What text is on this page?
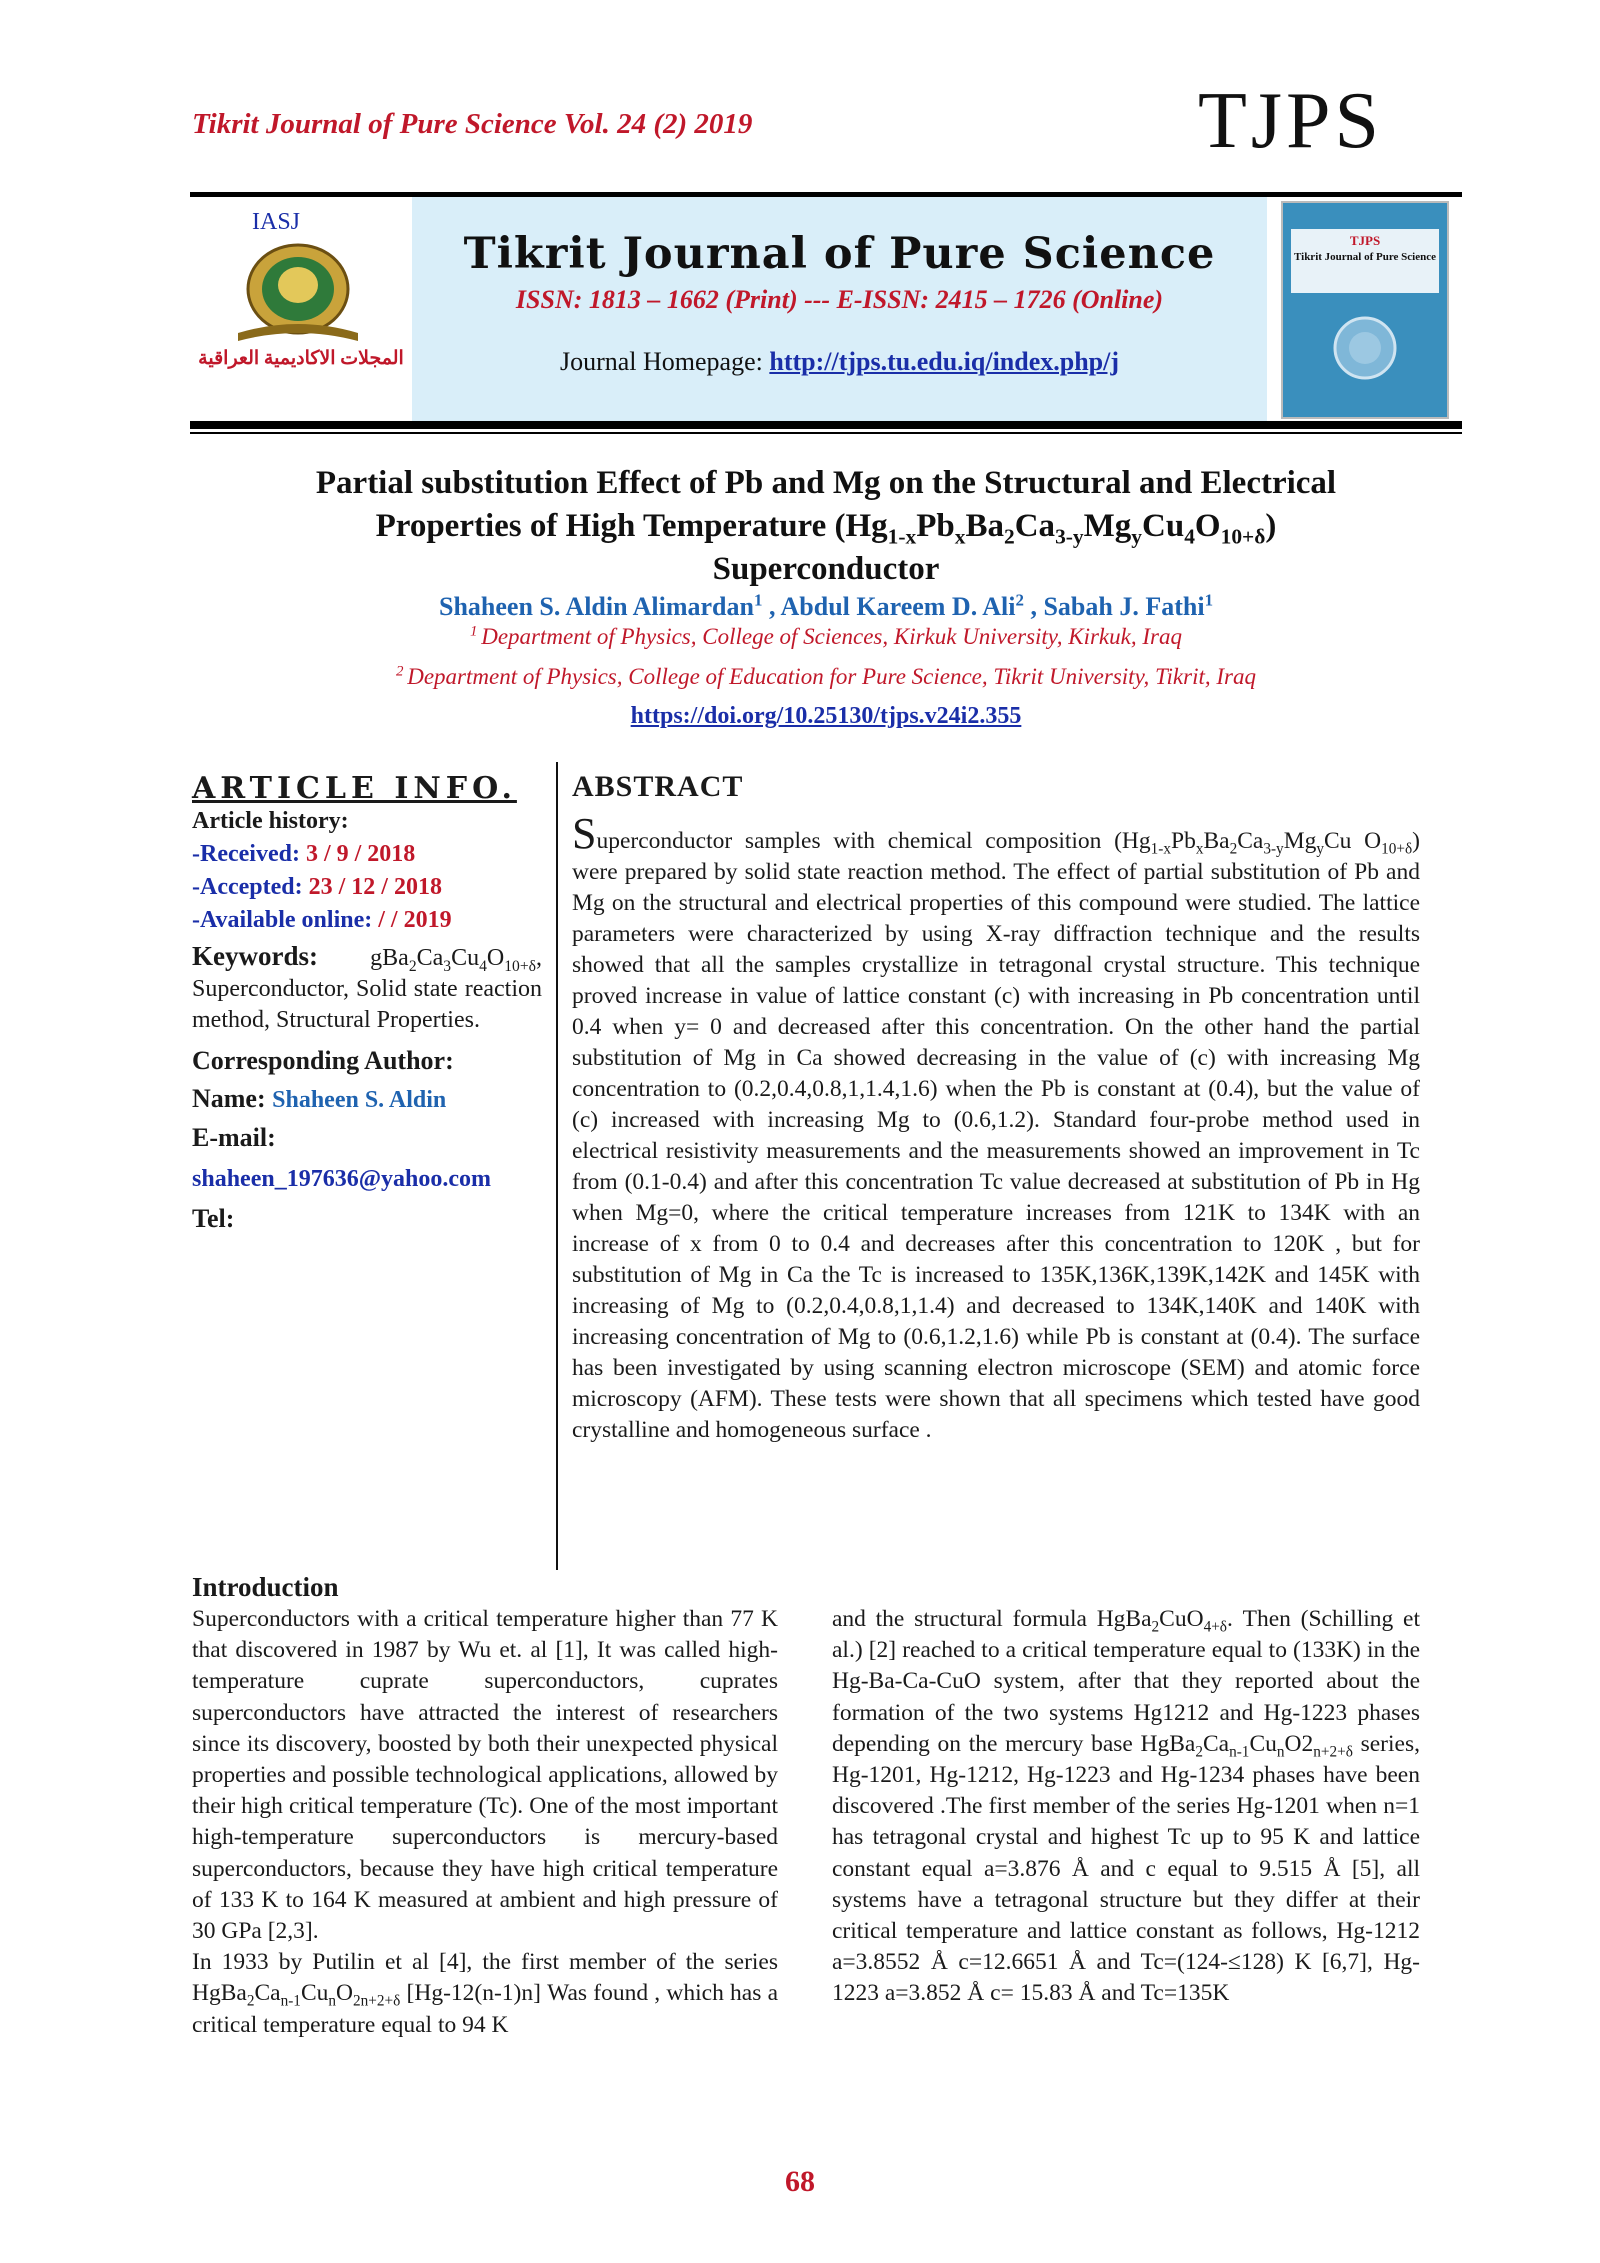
Tikrit Journal of Pure Science Vol. 24 (2) 2019	TJPS
IASJ
المجلات الاكاديمية العراقية
Tikrit Journal of Pure Science
ISSN: 1813 – 1662 (Print) --- E-ISSN: 2415 – 1726 (Online)
Journal Homepage: http://tjps.tu.edu.iq/index.php/j
TJPS
Tikrit Journal of Pure Science
Partial substitution Effect of Pb and Mg on the Structural and Electrical
Properties of High Temperature $(Hg_{1-x}Pb_xBa_2Ca_{3-y}Mg_yCu_4O_{10+\delta})$
Superconductor
Shaheen S. Aldin Alimardan$^1$ , Abdul Kareem D. Ali$^2$ , Sabah J. Fathi$^1$
$^1$ Department of Physics, College of Sciences, Kirkuk University, Kirkuk, Iraq
$^2$ Department of Physics, College of Education for Pure Science, Tikrit University, Tikrit, Iraq
https://doi.org/10.25130/tjps.v24i2.355
ARTICLE INFO.
Article history:
-Received: 3 / 9 / 2018
-Accepted: 23 / 12 / 2018
-Available online: / / 2019
Keywords: $gBa_2Ca_3Cu_4O_{10+\delta}$, Superconductor, Solid state reaction method, Structural Properties.
Corresponding Author:
Name: Shaheen S. Aldin
E-mail:
shaheen_197636@yahoo.com
Tel:
ABSTRACT
Superconductor samples with chemical composition ($Hg_{1-x}Pb_xBa_2Ca_{3-y}Mg_yCu$ $O_{10+\delta}$) were prepared by solid state reaction method. The effect of partial substitution of Pb and Mg on the structural and electrical properties of this compound were studied. The lattice parameters were characterized by using X-ray diffraction technique and the results showed that all the samples crystallize in tetragonal crystal structure. This technique proved increase in value of lattice constant (c) with increasing in Pb concentration until 0.4 when y= 0 and decreased after this concentration. On the other hand the partial substitution of Mg in Ca showed decreasing in the value of (c) with increasing Mg concentration to (0.2,0.4,0.8,1,1.4,1.6) when the Pb is constant at (0.4), but the value of (c) increased with increasing Mg to (0.6,1.2). Standard four-probe method used in electrical resistivity measurements and the measurements showed an improvement in Tc from (0.1-0.4) and after this concentration Tc value decreased at substitution of Pb in Hg when Mg=0, where the critical temperature increases from 121K to 134K with an increase of x from 0 to 0.4 and decreases after this concentration to 120K , but for substitution of Mg in Ca the Tc is increased to 135K,136K,139K,142K and 145K with increasing of Mg to (0.2,0.4,0.8,1,1.4) and decreased to 134K,140K and 140K with increasing concentration of Mg to (0.6,1.2,1.6) while Pb is constant at (0.4). The surface has been investigated by using scanning electron microscope (SEM) and atomic force microscopy (AFM). These tests were shown that all specimens which tested have good crystalline and homogeneous surface .
Introduction
Superconductors with a critical temperature higher than 77 K that discovered in 1987 by Wu et. al [1], It was called high-temperature cuprate superconductors, cuprates superconductors have attracted the interest of researchers since its discovery, boosted by both their unexpected physical properties and possible technological applications, allowed by their high critical temperature (Tc). One of the most important high-temperature superconductors is mercury-based superconductors, because they have high critical temperature of 133 K to 164 K measured at ambient and high pressure of 30 GPa [2,3].
In 1933 by Putilin et al [4], the first member of the series $HgBa_2Ca_{n-1}Cu_nO_{2n+2+\delta}$ [Hg-12(n-1)n] Was found , which has a critical temperature equal to 94 K
and the structural formula HgBa$_2$CuO$_{4+\delta}$. Then (Schilling et al.) [2] reached to a critical temperature equal to (133K) in the Hg-Ba-Ca-CuO system, after that they reported about the formation of the two systems Hg1212 and Hg-1223 phases depending on the mercury base $HgBa_2Ca_{n-1}Cu_nO2_{n+2+\delta}$ series, Hg-1201, Hg-1212, Hg-1223 and Hg-1234 phases have been discovered .The first member of the series Hg-1201 when n=1 has tetragonal crystal and highest Tc up to 95 K and lattice constant equal a=3.876 Å and c equal to 9.515 Å [5], all systems have a tetragonal structure but they differ at their critical temperature and lattice constant as follows, Hg-1212 a=3.8552 Å c=12.6651 Å and Tc=(124-≤128) K [6,7], Hg-1223 a=3.852 Å c= 15.83 Å and Tc=135K
68
